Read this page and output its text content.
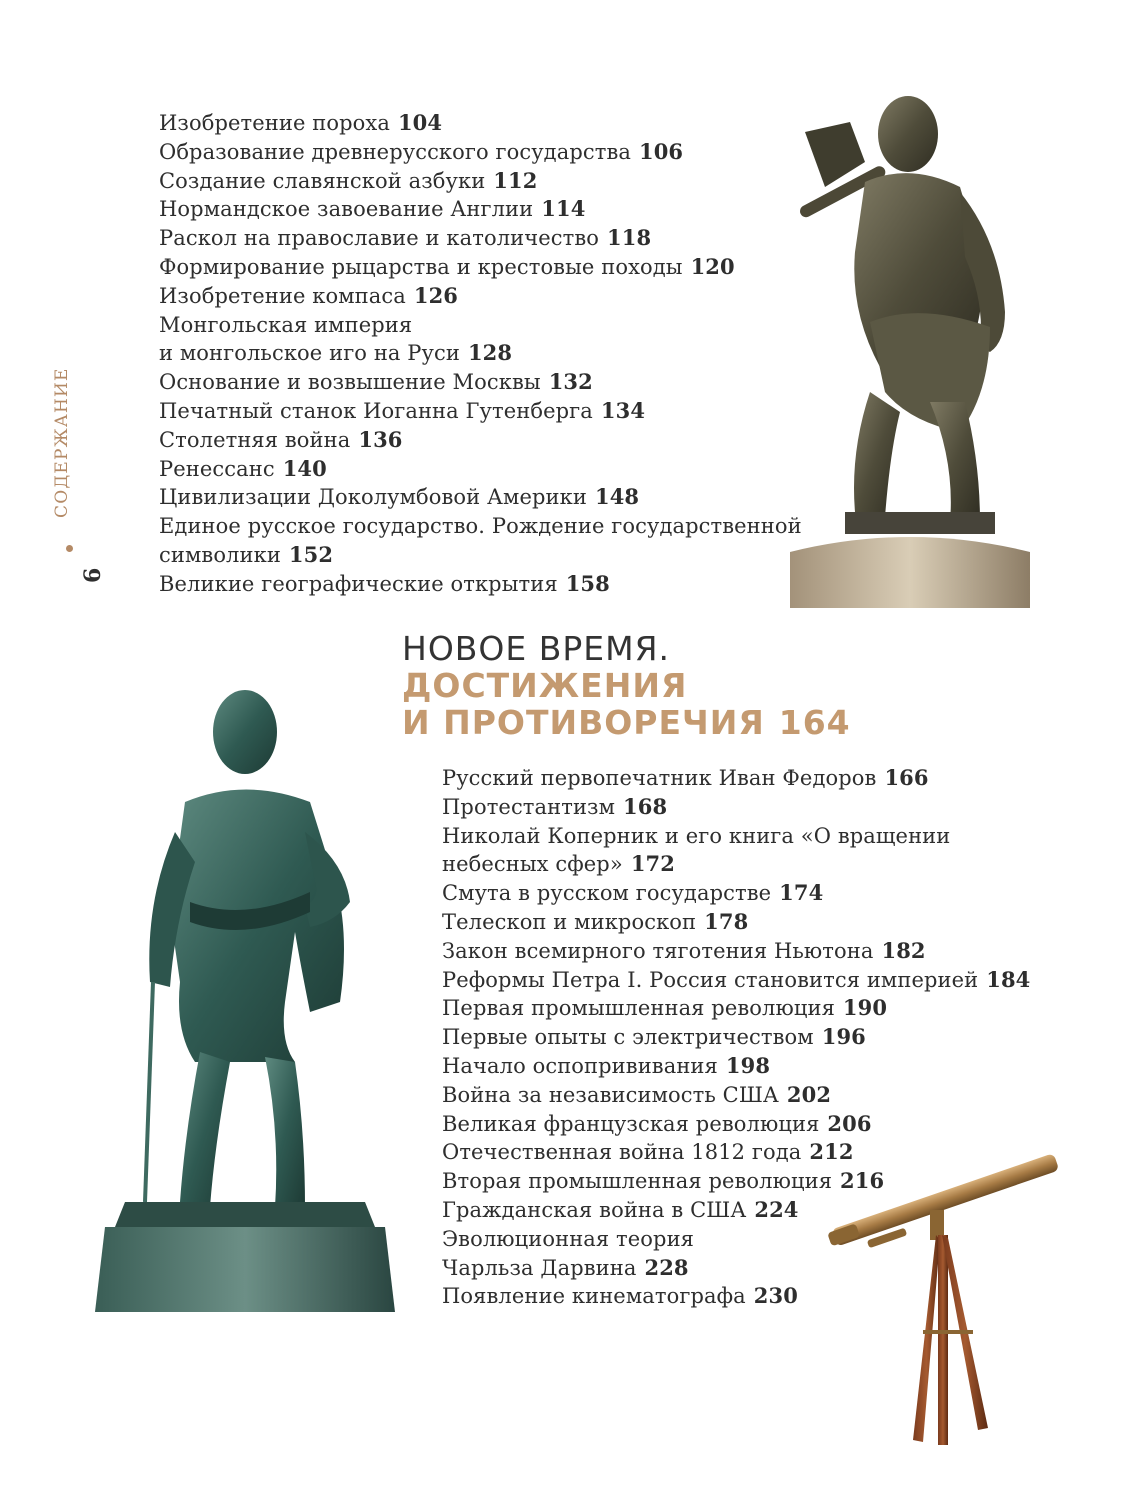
СОДЕРЖАНИЕ
6
Изобретение пороха 104
Образование древнерусского государства 106
Создание славянской азбуки 112
Нормандское завоевание Англии 114
Раскол на православие и католичество 118
Формирование рыцарства и крестовые походы 120
Изобретение компаса 126
Монгольская империя
и монгольское иго на Руси 128
Основание и возвышение Москвы 132
Печатный станок Иоганна Гутенберга 134
Столетняя война 136
Ренессанс 140
Цивилизации Доколумбовой Америки 148
Единое русское государство. Рождение государственной
символики 152
Великие географические открытия 158
НОВОЕ ВРЕМЯ.
ДОСТИЖЕНИЯ
И ПРОТИВОРЕЧИЯ 164
Русский первопечатник Иван Федоров 166
Протестантизм 168
Николай Коперник и его книга «О вращении
небесных сфер» 172
Смута в русском государстве 174
Телескоп и микроскоп 178
Закон всемирного тяготения Ньютона 182
Реформы Петра I. Россия становится империей 184
Первая промышленная революция 190
Первые опыты с электричеством 196
Начало оспопрививания 198
Война за независимость США 202
Великая французская революция 206
Отечественная война 1812 года 212
Вторая промышленная революция 216
Гражданская война в США 224
Эволюционная теория
Чарльза Дарвина 228
Появление кинематографа 230
